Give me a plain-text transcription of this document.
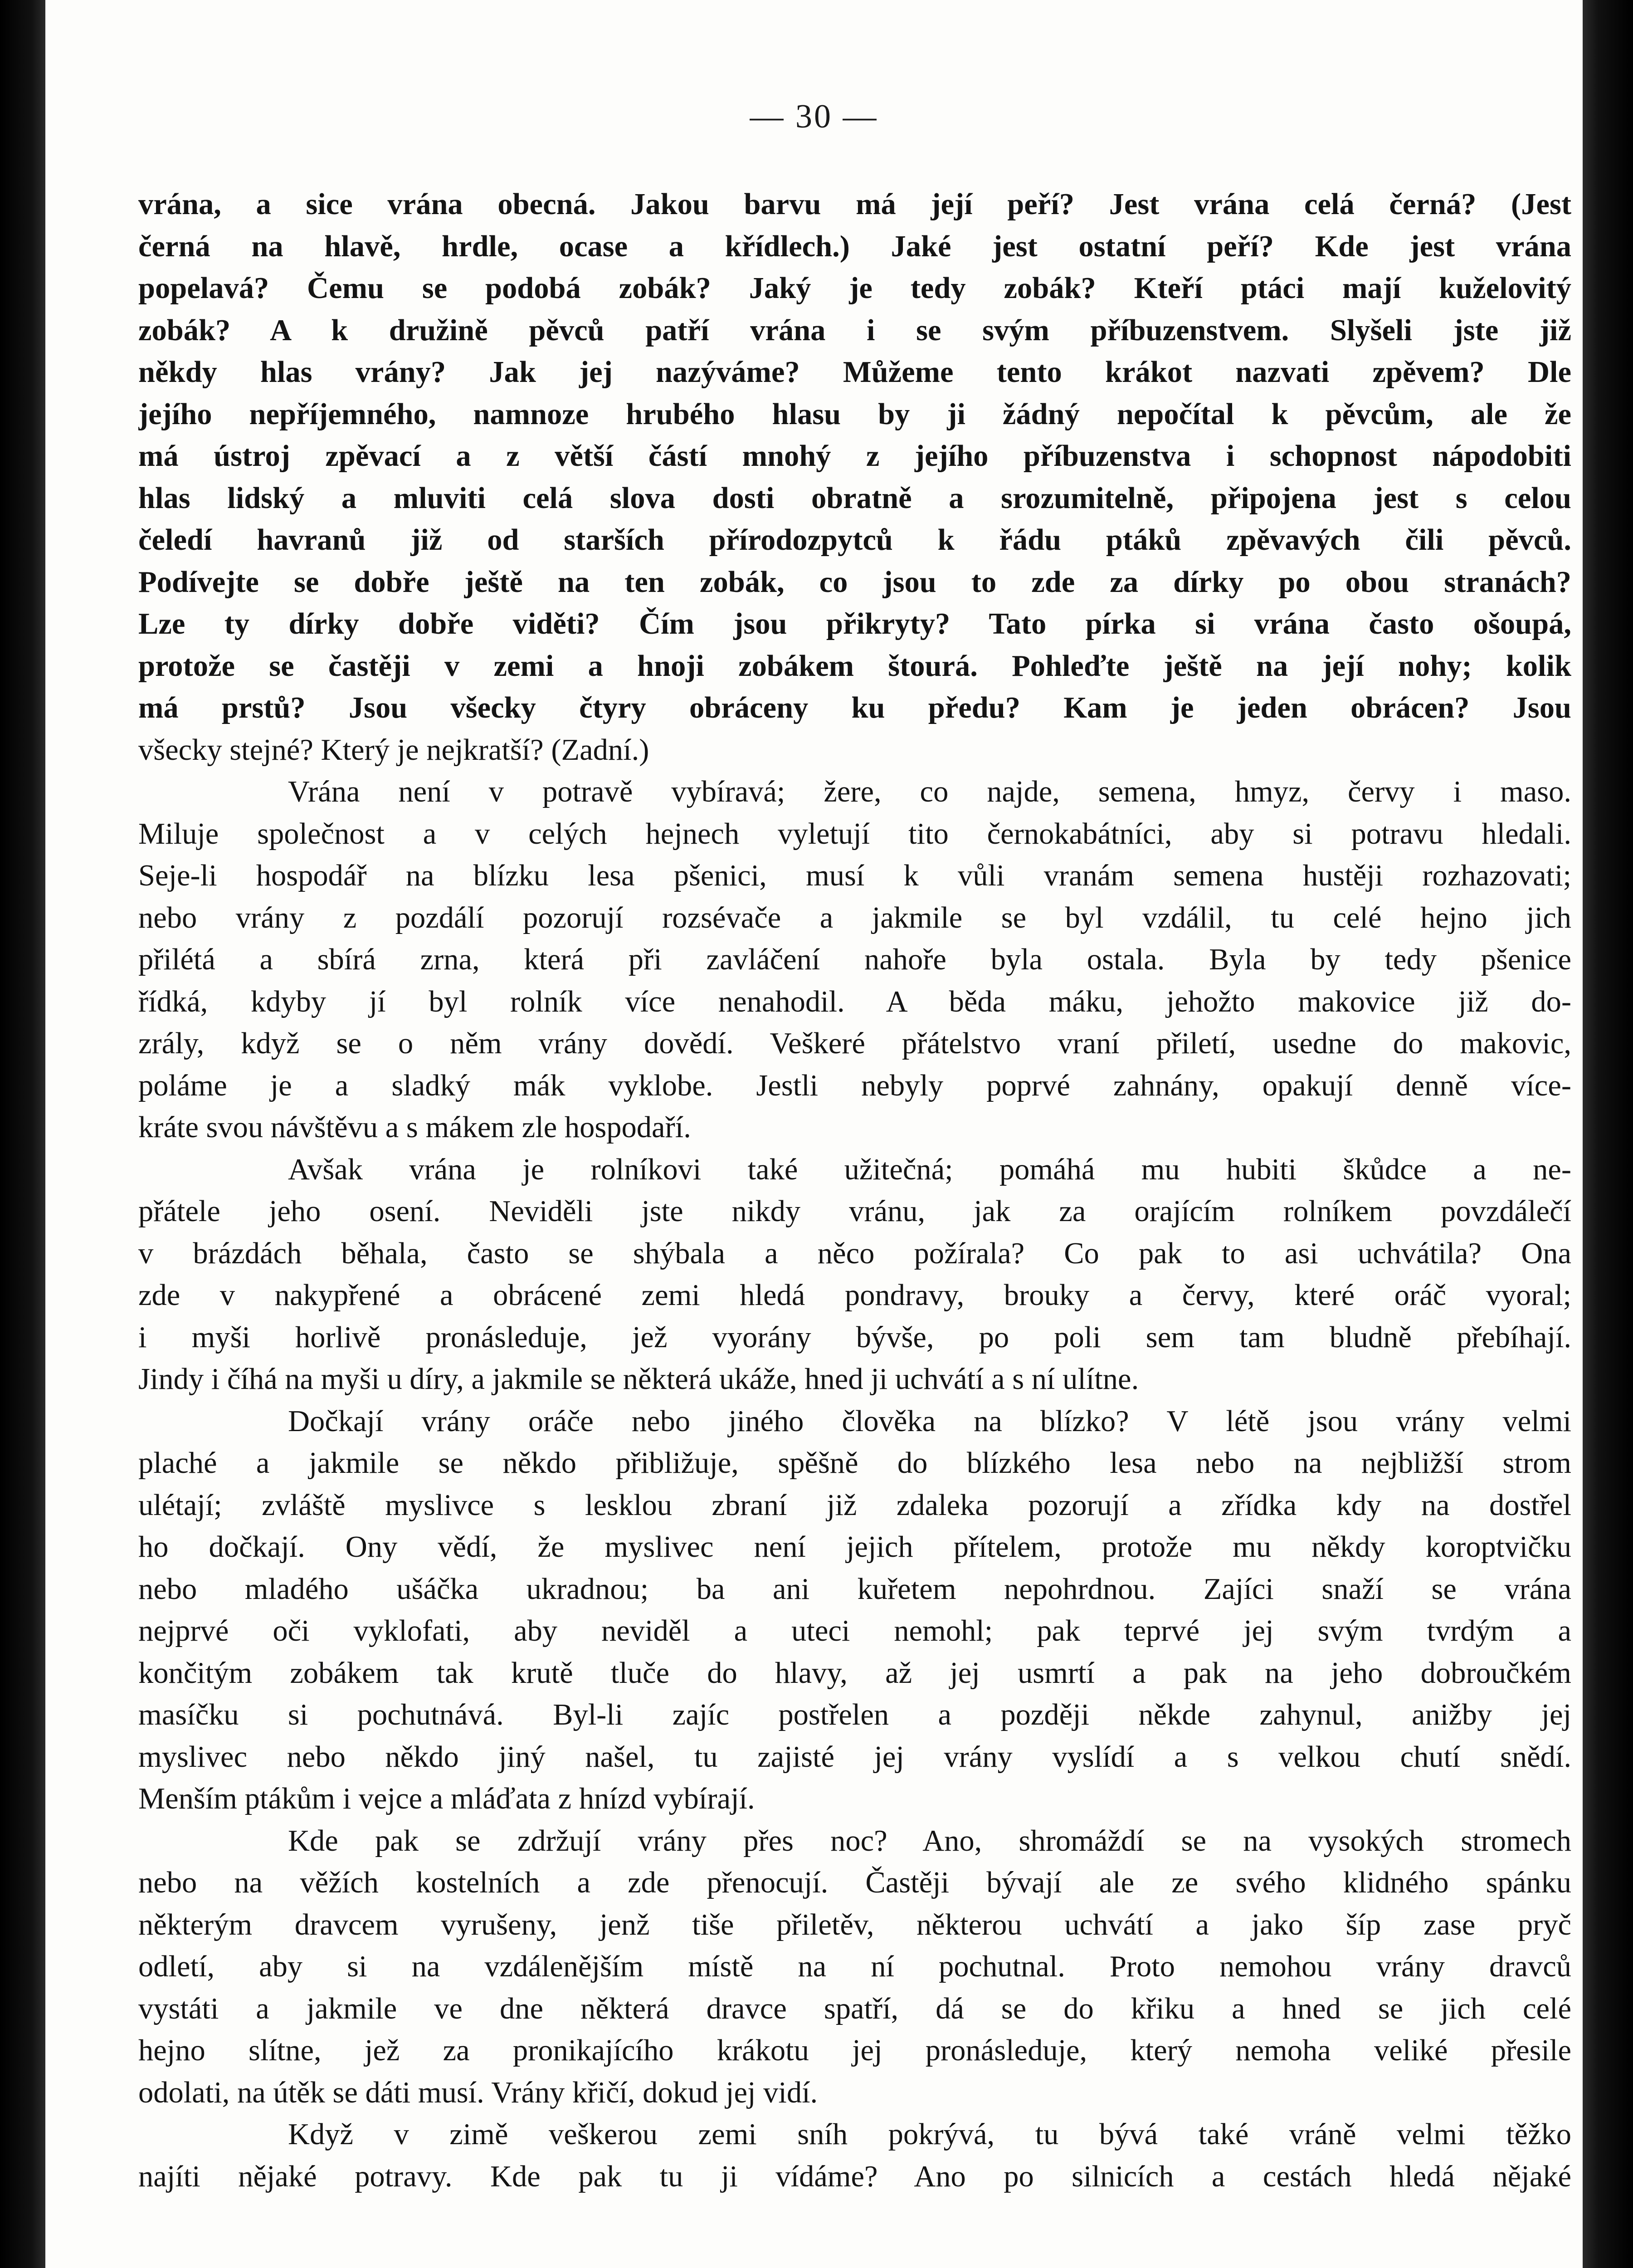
— 30 —
vrána, a sice vrána obecná. Jakou barvu má její peří? Jest vrána celá černá? (Jest
černá na hlavě, hrdle, ocase a křídlech.) Jaké jest ostatní peří? Kde jest vrána
popelavá? Čemu se podobá zobák? Jaký je tedy zobák? Kteří ptáci mají kuželovitý
zobák? A k družině pěvců patří vrána i se svým příbuzenstvem. Slyšeli jste již
někdy hlas vrány? Jak jej nazýváme? Můžeme tento krákot nazvati zpěvem? Dle
jejího nepříjemného, namnoze hrubého hlasu by ji žádný nepočítal k pěvcům, ale že
má ústroj zpěvací a z větší částí mnohý z jejího příbuzenstva i schopnost nápodobiti
hlas lidský a mluviti celá slova dosti obratně a srozumitelně, připojena jest s celou
čeledí havranů již od starších přírodozpytců k řádu ptáků zpěvavých čili pěvců.
Podívejte se dobře ještě na ten zobák, co jsou to zde za dírky po obou stranách?
Lze ty dírky dobře viděti? Čím jsou přikryty? Tato pírka si vrána často ošoupá,
protože se častěji v zemi a hnoji zobákem štourá. Pohleďte ještě na její nohy; kolik
má prstů? Jsou všecky čtyry obráceny ku předu? Kam je jeden obrácen? Jsou
všecky stejné? Který je nejkratší? (Zadní.)
Vrána není v potravě vybíravá; žere, co najde, semena, hmyz, červy i maso.
Miluje společnost a v celých hejnech vyletují tito černokabátníci, aby si potravu hledali.
Seje-li hospodář na blízku lesa pšenici, musí k vůli vranám semena hustěji rozhazovati;
nebo vrány z pozdálí pozorují rozsévače a jakmile se byl vzdálil, tu celé hejno jich
přilétá a sbírá zrna, která při zavláčení nahoře byla ostala. Byla by tedy pšenice
řídká, kdyby jí byl rolník více nenahodil. A běda máku, jehožto makovice již do-
zrály, když se o něm vrány dovědí. Veškeré přátelstvo vraní přiletí, usedne do makovic,
poláme je a sladký mák vyklobe. Jestli nebyly poprvé zahnány, opakují denně více-
kráte svou návštěvu a s mákem zle hospodaří.
Avšak vrána je rolníkovi také užitečná; pomáhá mu hubiti škůdce a ne-
přátele jeho osení. Neviděli jste nikdy vránu, jak za orajícím rolníkem povzdálečí
v brázdách běhala, často se shýbala a něco požírala? Co pak to asi uchvátila? Ona
zde v nakypřené a obrácené zemi hledá pondravy, brouky a červy, které oráč vyoral;
i myši horlivě pronásleduje, jež vyorány bývše, po poli sem tam bludně přebíhají.
Jindy i číhá na myši u díry, a jakmile se některá ukáže, hned ji uchvátí a s ní ulítne.
Dočkají vrány oráče nebo jiného člověka na blízko? V létě jsou vrány velmi
plaché a jakmile se někdo přibližuje, spěšně do blízkého lesa nebo na nejbližší strom
ulétají; zvláště myslivce s lesklou zbraní již zdaleka pozorují a zřídka kdy na dostřel
ho dočkají. Ony vědí, že myslivec není jejich přítelem, protože mu někdy koroptvičku
nebo mladého ušáčka ukradnou; ba ani kuřetem nepohrdnou. Zajíci snaží se vrána
nejprvé oči vyklofati, aby neviděl a uteci nemohl; pak teprvé jej svým tvrdým a
končitým zobákem tak krutě tluče do hlavy, až jej usmrtí a pak na jeho dobroučkém
masíčku si pochutnává. Byl-li zajíc postřelen a později někde zahynul, anižby jej
myslivec nebo někdo jiný našel, tu zajisté jej vrány vyslídí a s velkou chutí snědí.
Menším ptákům i vejce a mláďata z hnízd vybírají.
Kde pak se zdržují vrány přes noc? Ano, shromáždí se na vysokých stromech
nebo na věžích kostelních a zde přenocují. Častěji bývají ale ze svého klidného spánku
některým dravcem vyrušeny, jenž tiše přiletěv, některou uchvátí a jako šíp zase pryč
odletí, aby si na vzdálenějším místě na ní pochutnal. Proto nemohou vrány dravců
vystáti a jakmile ve dne některá dravce spatří, dá se do křiku a hned se jich celé
hejno slítne, jež za pronikajícího krákotu jej pronásleduje, který nemoha veliké přesile
odolati, na útěk se dáti musí. Vrány křičí, dokud jej vidí.
Když v zimě veškerou zemi sníh pokrývá, tu bývá také vráně velmi těžko
najíti nějaké potravy. Kde pak tu ji vídáme? Ano po silnicích a cestách hledá nějaké
